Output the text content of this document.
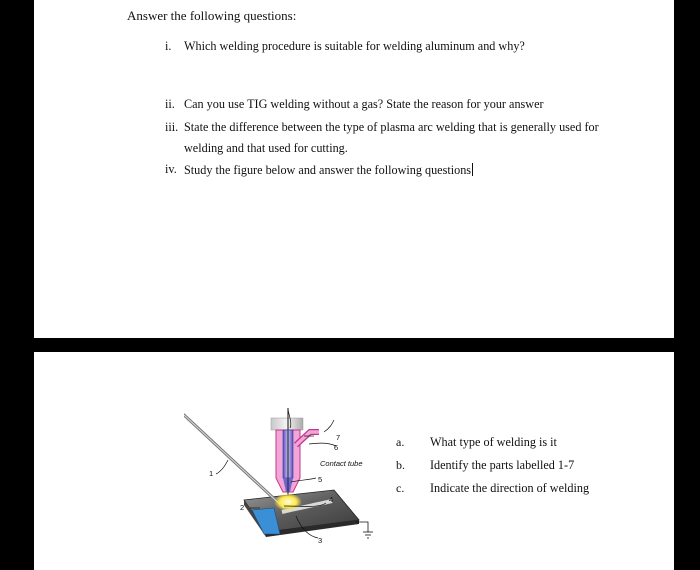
Answer the following questions:
i. Which welding procedure is suitable for welding aluminum and why?
ii. Can you use TIG welding without a gas? State the reason for your answer
iii. State the difference between the type of plasma arc welding that is generally used for
welding and that used for cutting.
iv. Study the figure below and answer the following questions
1
2
3
4
5
6
7
Contact tube
a. What type of welding is it
b. Identify the parts labelled 1-7
c. Indicate the direction of welding
